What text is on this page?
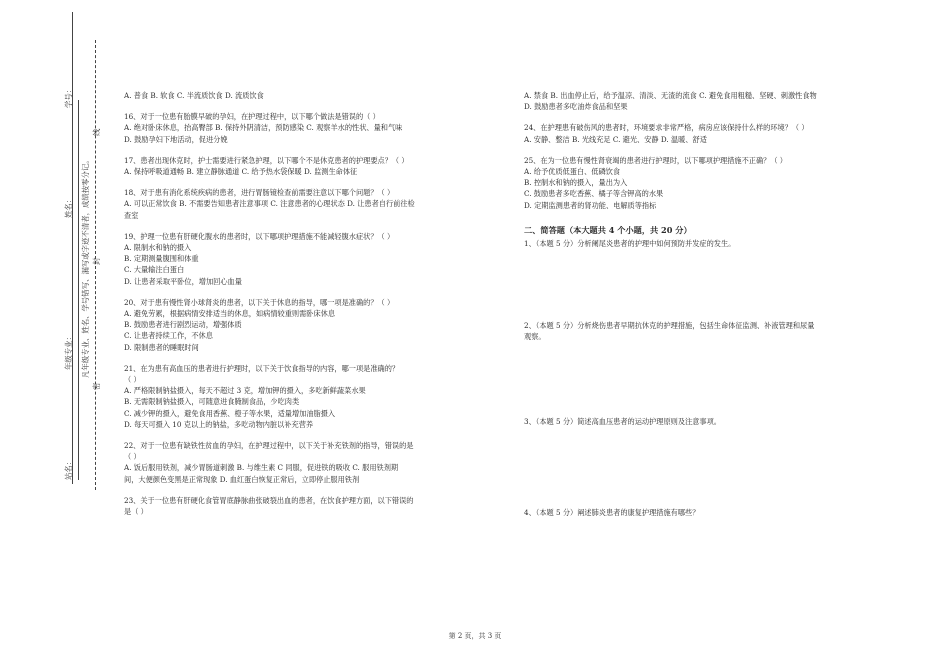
学号：
姓名：
年级专业： 凡年级专业、姓名、学号错写、漏写或字迹不清者，成绩按零分记。
站名：
密
封
线

A. 普食 B. 软食 C. 半流质饮食 D. 流质饮食

16、对于一位患有胎膜早破的孕妇，在护理过程中，以下哪个做法是错误的（ ）

A. 绝对卧床休息，抬高臀部 B. 保持外阴清洁，预防感染 C. 观察羊水的性状、量和气味

D. 鼓励孕妇下地活动，促进分娩

17、患者出现休克时，护士需要进行紧急护理，以下哪个不是休克患者的护理要点？（ ）

A. 保持呼吸道通畅 B. 建立静脉通道 C. 给予热水袋保暖 D. 监测生命体征

18、对于患有消化系统疾病的患者，进行胃肠镜检查前需要注意以下哪个问题？（ ）

A. 可以正常饮食 B. 不需要告知患者注意事项 C. 注意患者的心理状态 D. 让患者自行前往检

查室

19、护理一位患有肝硬化腹水的患者时，以下哪项护理措施不能减轻腹水症状？（ ）

A. 限制水和钠的摄入

B. 定期测量腹围和体重

C. 大量输注白蛋白

D. 让患者采取平卧位，增加回心血量

20、对于患有慢性肾小球肾炎的患者，以下关于休息的指导，哪一项是准确的？（ ）

A. 避免劳累，根据病情安排适当的休息，如病情较重则需卧床休息

B. 鼓励患者进行剧烈运动，增强体质

C. 让患者持续工作，不休息

D. 限制患者的睡眠时间

21、在为患有高血压的患者进行护理时，以下关于饮食指导的内容，哪一项是准确的？

（ ）

A. 严格限制钠盐摄入，每天不超过 3 克，增加钾的摄入，多吃新鲜蔬菜水果

B. 无需限制钠盐摄入，可随意进食腌制食品，少吃肉类

C. 减少钾的摄入，避免食用香蕉、橙子等水果，适量增加油脂摄入

D. 每天可摄入 10 克以上的钠盐，多吃动物内脏以补充营养

22、对于一位患有缺铁性贫血的孕妇，在护理过程中，以下关于补充铁剂的指导，错误的是

（ ）

A. 饭后服用铁剂，减少胃肠道刺激 B. 与维生素 C 同服，促进铁的吸收 C. 服用铁剂期

间，大便颜色变黑是正常现象 D. 血红蛋白恢复正常后，立即停止服用铁剂

23、关于一位患有肝硬化食管胃底静脉曲张破裂出血的患者，在饮食护理方面，以下错误的

是（ ）

A. 禁食 B. 出血停止后，给予温凉、清淡、无渣的流食 C. 避免食用粗糙、坚硬、刺激性食物

D. 鼓励患者多吃油炸食品和坚果

24、在护理患有破伤风的患者时，环境要求非常严格，病房应该保持什么样的环境？（ ）

A. 安静、整洁 B. 光线充足 C. 避光、安静 D. 温暖、舒适

25、在为一位患有慢性肾衰竭的患者进行护理时，以下哪项护理措施不正确？（ ）

A. 给予优质低蛋白、低磷饮食

B. 控制水和钠的摄入，量出为入

C. 鼓励患者多吃香蕉、橘子等含钾高的水果

D. 定期监测患者的肾功能、电解质等指标

二、简答题（本大题共 4 个小题，共 20 分）

1、（本题 5 分）分析阑尾炎患者的护理中如何预防并发症的发生。

2、（本题 5 分）分析烧伤患者早期抗休克的护理措施，包括生命体征监测、补液管理和尿量

观察。

3、（本题 5 分）简述高血压患者的运动护理原则及注意事项。

4、（本题 5 分）阐述肺炎患者的康复护理措施有哪些？

第 2 页，共 3 页
